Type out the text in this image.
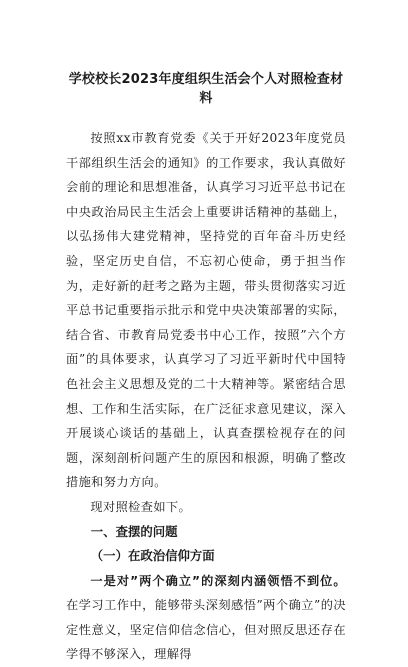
学校校长2023年度组织生活会个人对照检查材料

按照xx市教育党委《关于开好2023年度党员干部组织生活会的通知》的工作要求，我认真做好会前的理论和思想准备，认真学习习近平总书记在中央政治局民主生活会上重要讲话精神的基础上，以弘扬伟大建党精神，坚持党的百年奋斗历史经验，坚定历史自信，不忘初心使命，勇于担当作为，走好新的赶考之路为主题，带头贯彻落实习近平总书记重要指示批示和党中央决策部署的实际，结合省、市教育局党委书中心工作，按照”六个方面”的具体要求，认真学习了习近平新时代中国特色社会主义思想及党的二十大精神等。紧密结合思想、工作和生活实际，在广泛征求意见建议，深入开展谈心谈话的基础上，认真查摆检视存在的问题，深刻剖析问题产生的原因和根源，明确了整改措施和努力方向。

现对照检查如下。

一、查摆的问题

（一）在政治信仰方面

一是对”两个确立”的深刻内涵领悟不到位。在学习工作中，能够带头深刻感悟”两个确立”的决定性意义，坚定信仰信念信心，但对照反思还存在学得不够深入，理解得
